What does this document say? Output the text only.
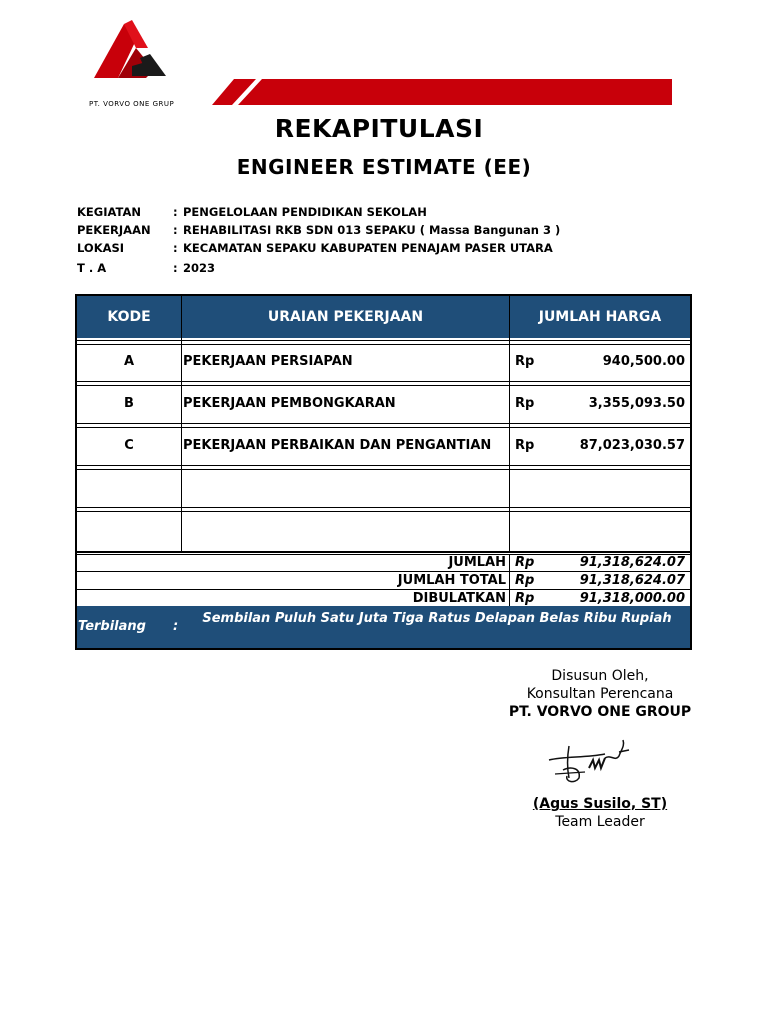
PT. VORVO ONE GRUP
REKAPITULASI
ENGINEER ESTIMATE (EE)
KEGIATAN	: PENGELOLAAN PENDIDIKAN SEKOLAH
PEKERJAAN : REHABILITASI RKB SDN 013 SEPAKU ( Massa Bangunan 3 )
LOKASI	: KECAMATAN SEPAKU KABUPATEN PENAJAM PASER UTARA
T . A	: 2023
KODE	URAIAN PEKERJAAN	JUMLAH HARGA
A	PEKERJAAN PERSIAPAN	Rp	940,500.00
B	PEKERJAAN PEMBONGKARAN	Rp	3,355,093.50
C	PEKERJAAN PERBAIKAN DAN PENGANTIAN	Rp	87,023,030.57
JUMLAH Rp	91,318,624.07
JUMLAH TOTAL Rp	91,318,624.07
DIBULATKAN Rp	91,318,000.00
Terbilang :
Sembilan Puluh Satu Juta Tiga Ratus Delapan Belas Ribu Rupiah
Disusun Oleh,
Konsultan Perencana
PT. VORVO ONE GROUP
(Agus Susilo, ST)
Team Leader
